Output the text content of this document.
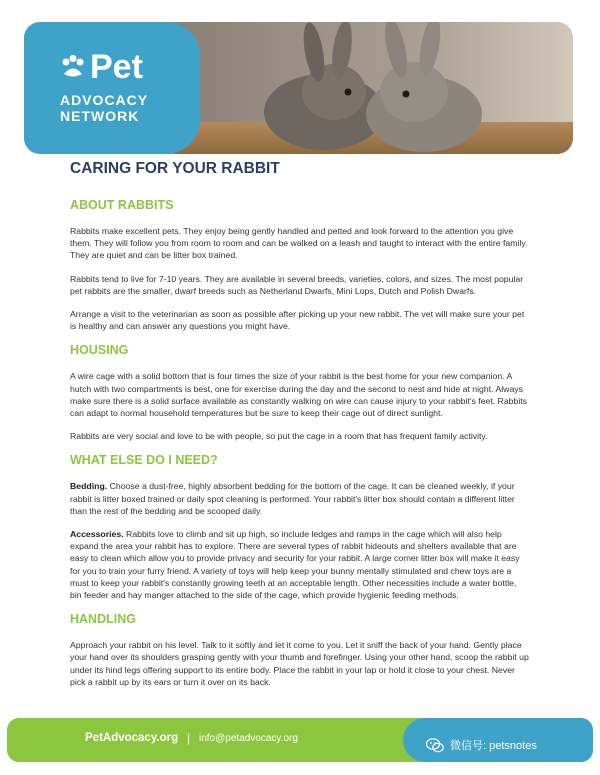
Pet
ADVOCACY
NETWORK
CARING FOR YOUR RABBIT
ABOUT RABBITS

Rabbits make excellent pets. They enjoy being gently handled and petted and look forward to the attention you give them. They will follow you from room to room and can be walked on a leash and taught to interact with the entire family. They are quiet and can be litter box trained.

Rabbits tend to live for 7-10 years. They are available in several breeds, varieties, colors, and sizes. The most popular pet rabbits are the smaller, dwarf breeds such as Netherland Dwarfs, Mini Lops, Dutch and Polish Dwarfs.

Arrange a visit to the veterinarian as soon as possible after picking up your new rabbit. The vet will make sure your pet is healthy and can answer any questions you might have.

HOUSING

A wire cage with a solid bottom that is four times the size of your rabbit is the best home for your new companion. A hutch with two compartments is best, one for exercise during the day and the second to nest and hide at night. Always make sure there is a solid surface available as constantly walking on wire can cause injury to your rabbit's feet. Rabbits can adapt to normal household temperatures but be sure to keep their cage out of direct sunlight.

Rabbits are very social and love to be with people, so put the cage in a room that has frequent family activity.

WHAT ELSE DO I NEED?

Bedding. Choose a dust-free, highly absorbent bedding for the bottom of the cage. It can be cleaned weekly, if your rabbit is litter boxed trained or daily spot cleaning is performed. Your rabbit's litter box should contain a different litter than the rest of the bedding and be scooped daily.

Accessories. Rabbits love to climb and sit up high, so include ledges and ramps in the cage which will also help expand the area your rabbit has to explore. There are several types of rabbit hideouts and shelters available that are easy to clean which allow you to provide privacy and security for your rabbit. A large corner litter box will make it easy for you to train your furry friend. A variety of toys will help keep your bunny mentally stimulated and chew toys are a must to keep your rabbit's constantly growing teeth at an acceptable length. Other necessities include a water bottle, bin feeder and hay manger attached to the side of the cage, which provide hygienic feeding methods.

HANDLING

Approach your rabbit on his level. Talk to it softly and let it come to you. Let it sniff the back of your hand. Gently place your hand over its shoulders grasping gently with your thumb and forefinger. Using your other hand, scoop the rabbit up under its hind legs offering support to its entire body. Place the rabbit in your lap or hold it close to your chest. Never pick a rabbit up by its ears or turn it over on its back.

PetAdvocacy.org | info@petadvocacy.org
微信号: petsnotes
